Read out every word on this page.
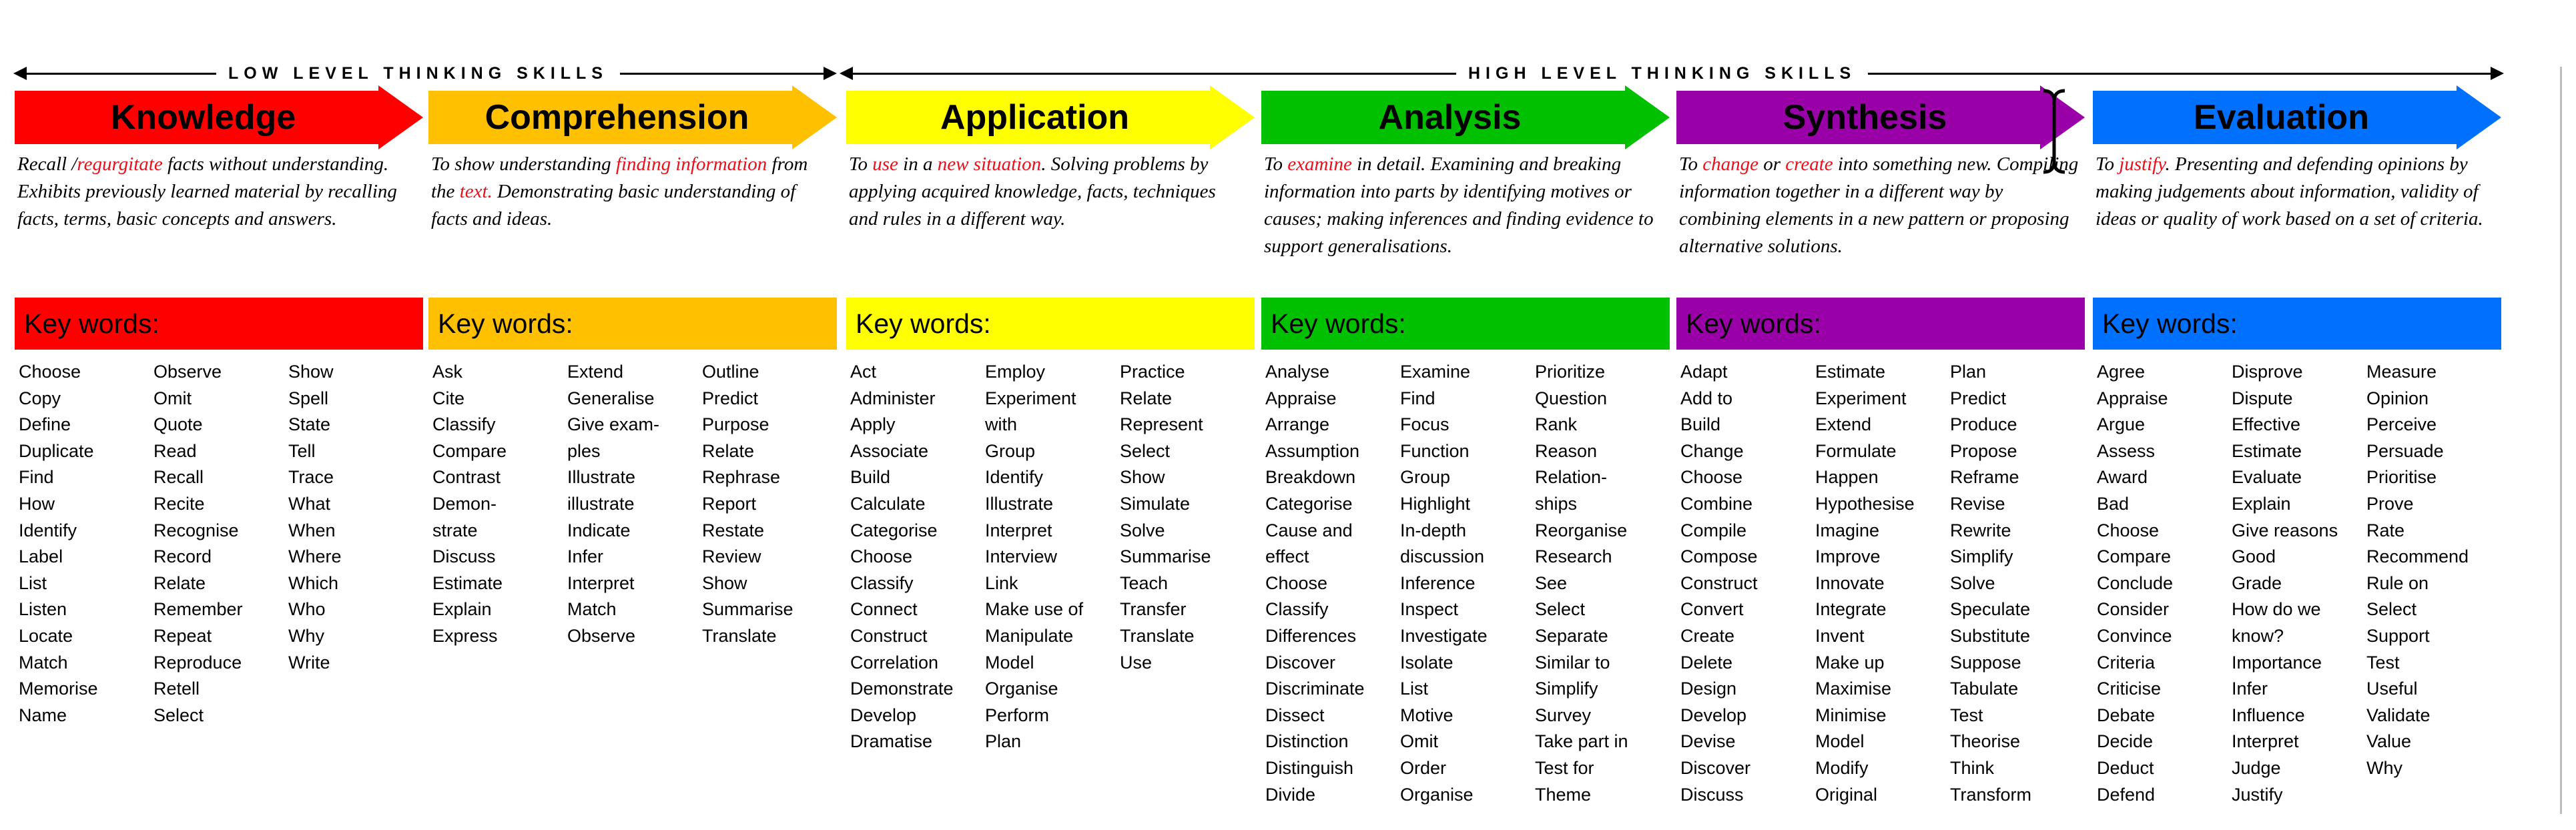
LOW LEVEL THINKING SKILLS	HIGH LEVEL THINKING SKILLS
Knowledge
Recall /regurgitate facts without understanding. Exhibits previously learned material by recalling facts, terms, basic concepts and answers.
Key words:
Choose
Copy
Define
Duplicate
Find
How
Identify
Label
List
Listen
Locate
Match
Memorise
Name
Observe
Omit
Quote
Read
Recall
Recite
Recognise
Record
Relate
Remember
Repeat
Reproduce
Retell
Select
Show
Spell
State
Tell
Trace
What
When
Where
Which
Who
Why
Write
Comprehension
To show understanding finding information from the text. Demonstrating basic understanding of facts and ideas.
Key words:
Ask
Cite
Classify
Compare
Contrast
Demon-
strate
Discuss
Estimate
Explain
Express
Extend
Generalise
Give exam-
ples
Illustrate
illustrate
Indicate
Infer
Interpret
Match
Observe
Outline
Predict
Purpose
Relate
Rephrase
Report
Restate
Review
Show
Summarise
Translate
Application
To use in a new situation. Solving problems by applying acquired knowledge, facts, techniques and rules in a different way.
Key words:
Act
Administer
Apply
Associate
Build
Calculate
Categorise
Choose
Classify
Connect
Construct
Correlation
Demonstrate
Develop
Dramatise
Employ
Experiment
with
Group
Identify
Illustrate
Interpret
Interview
Link
Make use of
Manipulate
Model
Organise
Perform
Plan
Practice
Relate
Represent
Select
Show
Simulate
Solve
Summarise
Teach
Transfer
Translate
Use
Analysis
To examine in detail. Examining and breaking information into parts by identifying motives or causes; making inferences and finding evidence to support generalisations.
Key words:
Analyse
Appraise
Arrange
Assumption
Breakdown
Categorise
Cause and
effect
Choose
Classify
Differences
Discover
Discriminate
Dissect
Distinction
Distinguish
Divide
Examine
Find
Focus
Function
Group
Highlight
In-depth
discussion
Inference
Inspect
Investigate
Isolate
List
Motive
Omit
Order
Organise
Prioritize
Question
Rank
Reason
Relation-
ships
Reorganise
Research
See
Select
Separate
Similar to
Simplify
Survey
Take part in
Test for
Theme
Synthesis
To change or create into something new. Compiling information together in a different way by combining elements in a new pattern or proposing alternative solutions.
Key words:
Adapt
Add to
Build
Change
Choose
Combine
Compile
Compose
Construct
Convert
Create
Delete
Design
Develop
Devise
Discover
Discuss
Estimate
Experiment
Extend
Formulate
Happen
Hypothesise
Imagine
Improve
Innovate
Integrate
Invent
Make up
Maximise
Minimise
Model
Modify
Original
Plan
Predict
Produce
Propose
Reframe
Revise
Rewrite
Simplify
Solve
Speculate
Substitute
Suppose
Tabulate
Test
Theorise
Think
Transform
Evaluation
To justify. Presenting and defending opinions by making judgements about information, validity of ideas or quality of work based on a set of criteria.
Key words:
Agree
Appraise
Argue
Assess
Award
Bad
Choose
Compare
Conclude
Consider
Convince
Criteria
Criticise
Debate
Decide
Deduct
Defend
Disprove
Dispute
Effective
Estimate
Evaluate
Explain
Give reasons
Good
Grade
How do we
know?
Importance
Infer
Influence
Interpret
Judge
Justify
Measure
Opinion
Perceive
Persuade
Prioritise
Prove
Rate
Recommend
Rule on
Select
Support
Test
Useful
Validate
Value
Why
